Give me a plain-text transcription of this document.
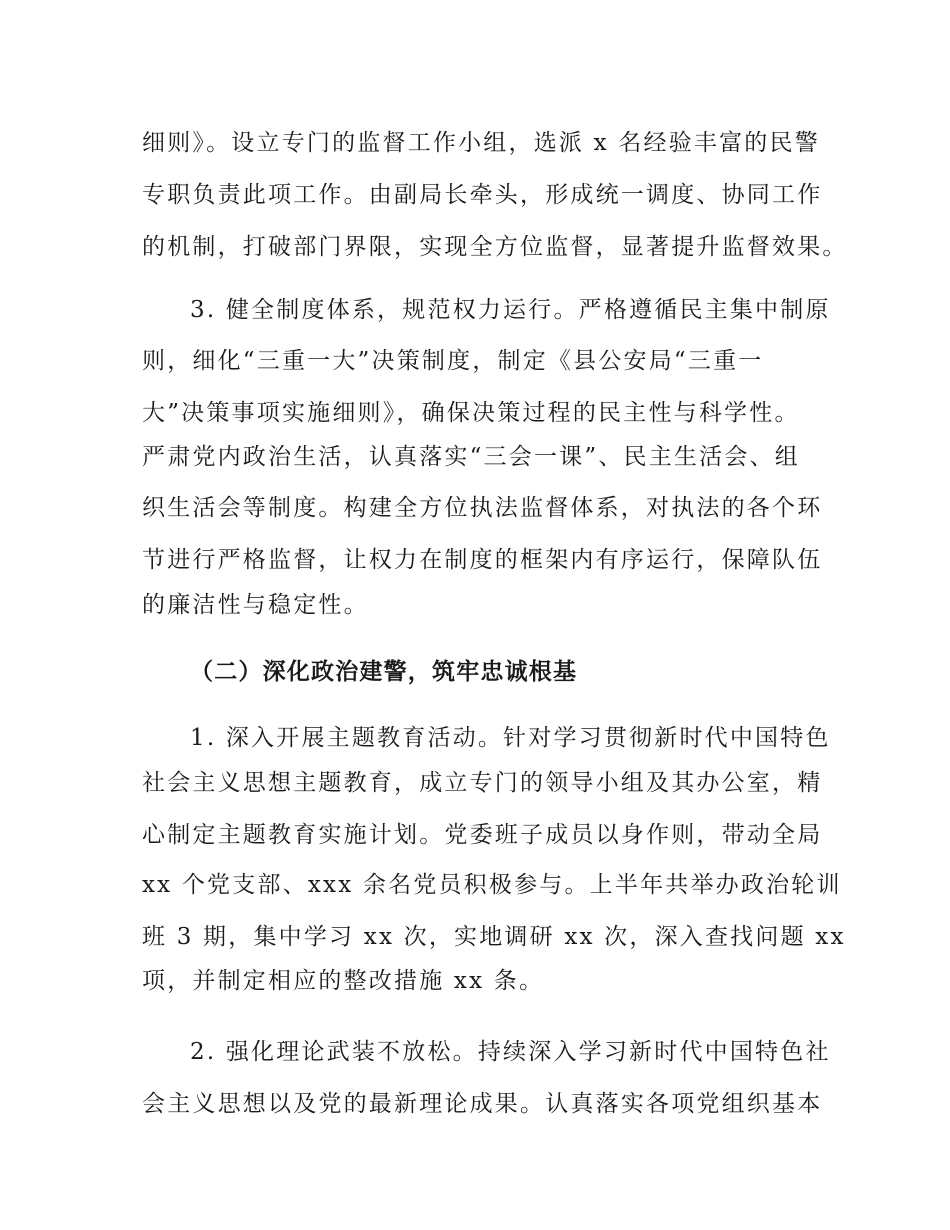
细则》。设立专门的监督工作小组，选派 x 名经验丰富的民警
专职负责此项工作。由副局长牵头，形成统一调度、协同工作
的机制，打破部门界限，实现全方位监督，显著提升监督效果。
3. 健全制度体系，规范权力运行。严格遵循民主集中制原
则，细化“三重一大”决策制度，制定《县公安局“三重一
大”决策事项实施细则》，确保决策过程的民主性与科学性。
严肃党内政治生活，认真落实“三会一课”、民主生活会、组
织生活会等制度。构建全方位执法监督体系，对执法的各个环
节进行严格监督，让权力在制度的框架内有序运行，保障队伍
的廉洁性与稳定性。
（二）深化政治建警，筑牢忠诚根基
1. 深入开展主题教育活动。针对学习贯彻新时代中国特色
社会主义思想主题教育，成立专门的领导小组及其办公室，精
心制定主题教育实施计划。党委班子成员以身作则，带动全局
xx 个党支部、xxx 余名党员积极参与。上半年共举办政治轮训
班 3 期，集中学习 xx 次，实地调研 xx 次，深入查找问题 xx
项，并制定相应的整改措施 xx 条。
2. 强化理论武装不放松。持续深入学习新时代中国特色社
会主义思想以及党的最新理论成果。认真落实各项党组织基本
